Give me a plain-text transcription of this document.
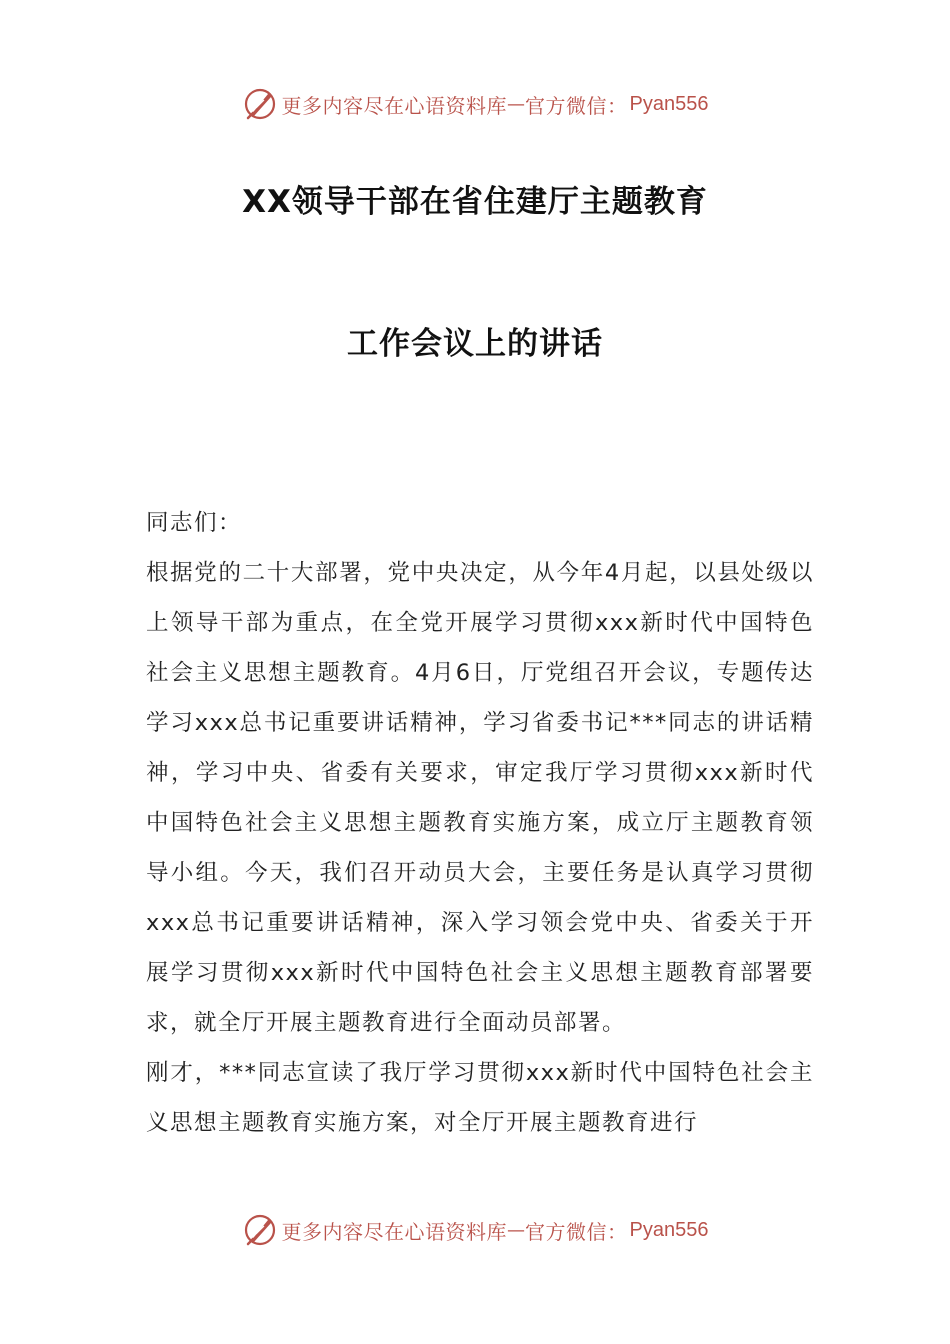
更多内容尽在心语资料库 — 官方微信： Pyan556
XX领导干部在省住建厅主题教育
工作会议上的讲话

同志们：

根据党的二十大部署，党中央决定，从今年4月起，以县处级以上领导干部为重点，在全党开展学习贯彻xxx新时代中国特色社会主义思想主题教育。4月6日，厅党组召开会议，专题传达学习xxx总书记重要讲话精神，学习省委书记***同志的讲话精神，学习中央、省委有关要求，审定我厅学习贯彻xxx新时代中国特色社会主义思想主题教育实施方案，成立厅主题教育领导小组。今天，我们召开动员大会，主要任务是认真学习贯彻xxx总书记重要讲话精神，深入学习领会党中央、省委关于开展学习贯彻xxx新时代中国特色社会主义思想主题教育部署要求，就全厅开展主题教育进行全面动员部署。

刚才，***同志宣读了我厅学习贯彻xxx新时代中国特色社会主义思想主题教育实施方案，对全厅开展主题教育进行

更多内容尽在心语资料库 — 官方微信： Pyan556
